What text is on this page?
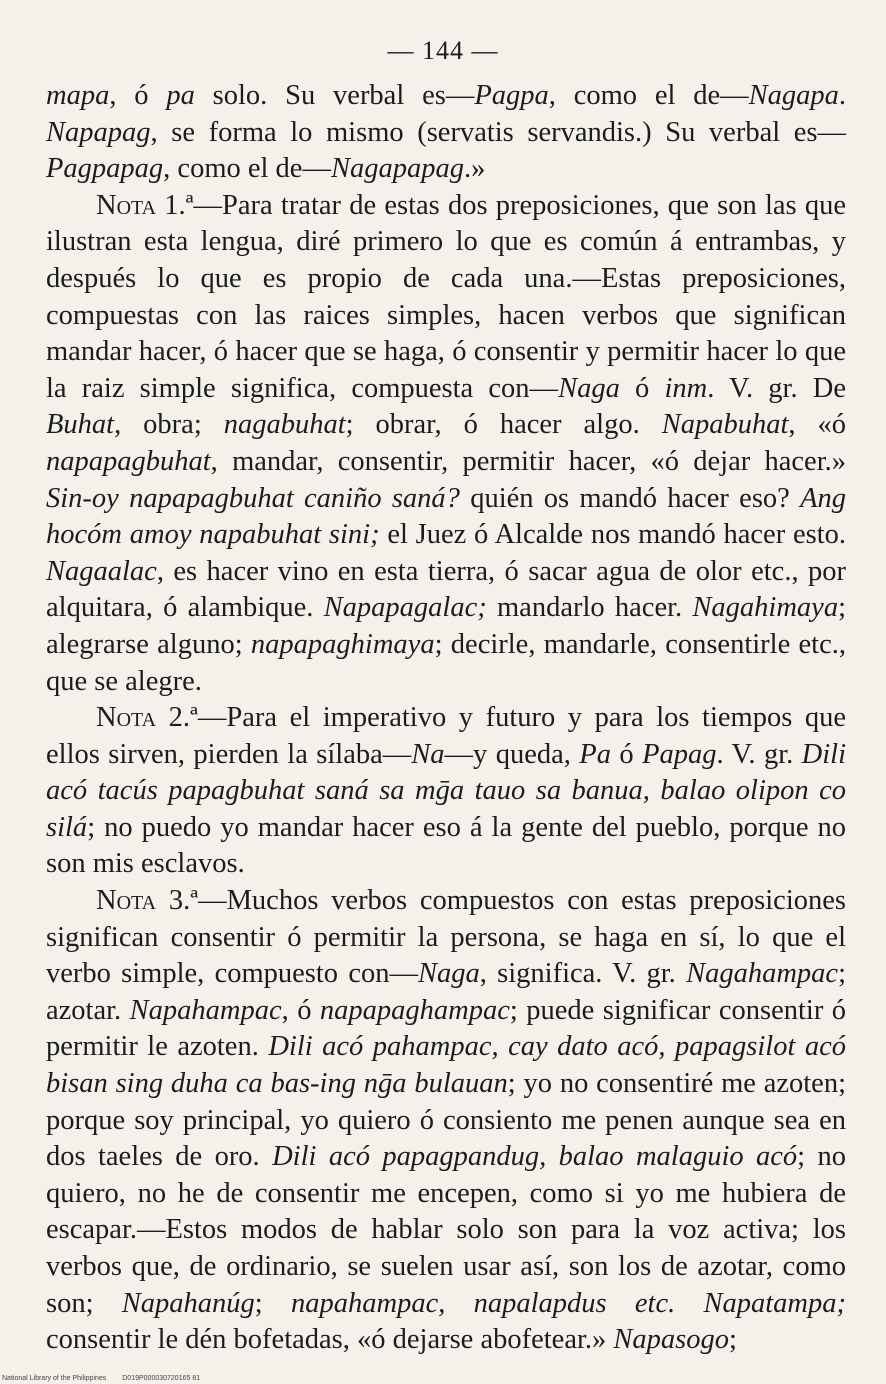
— 144 —

mapa, ó pa solo. Su verbal es—Pagpa, como el de—Nagapa. Napapag, se forma lo mismo (servatis servandis.) Su verbal es—Pagpapag, como el de—Nagapapag.»

Nota 1.ª—Para tratar de estas dos preposiciones, que son las que ilustran esta lengua, diré primero lo que es común á entrambas, y después lo que es propio de cada una.—Estas preposiciones, compuestas con las raices simples, hacen verbos que significan mandar hacer, ó hacer que se haga, ó consentir y permitir hacer lo que la raiz simple significa, compuesta con—Naga ó inm. V. gr. De Buhat, obra; nagabuhat; obrar, ó hacer algo. Napabuhat, «ó napapagbuhat, mandar, consentir, permitir hacer, «ó dejar hacer.» Sin-oy napapagbuhat caniño saná? quién os mandó hacer eso? Ang hocóm amoy napabuhat sini; el Juez ó Alcalde nos mandó hacer esto. Nagaalac, es hacer vino en esta tierra, ó sacar agua de olor etc., por alquitara, ó alambique. Napapagalac; mandarlo hacer. Nagahimaya; alegrarse alguno; napapaghimaya; decirle, mandarle, consentirle etc., que se alegre.

Nota 2.ª—Para el imperativo y futuro y para los tiempos que ellos sirven, pierden la sílaba—Na—y queda, Pa ó Papag. V. gr. Dili acó tacús papagbuhat saná sa mḡa tauo sa banua, balao olipon co silá; no puedo yo mandar hacer eso á la gente del pueblo, porque no son mis esclavos.

Nota 3.ª—Muchos verbos compuestos con estas preposiciones significan consentir ó permitir la persona, se haga en sí, lo que el verbo simple, compuesto con—Naga, significa. V. gr. Nagahampac; azotar. Napahampac, ó napapaghampac; puede significar consentir ó permitir le azoten. Dili acó pahampac, cay dato acó, papagsilot acó bisan sing duha ca bas-ing nḡa bulauan; yo no consentiré me azoten; porque soy principal, yo quiero ó consiento me penen aunque sea en dos taeles de oro. Dili acó papagpandug, balao malaguio acó; no quiero, no he de consentir me encepen, como si yo me hubiera de escapar.—Estos modos de hablar solo son para la voz activa; los verbos que, de ordinario, se suelen usar así, son los de azotar, como son; Napahanúg; napahampac, napalapdus etc. Napatampa; consentir le dén bofetadas, «ó dejarse abofetear.» Napasogo;

National Library of the Philippines D019P000030720165 81
